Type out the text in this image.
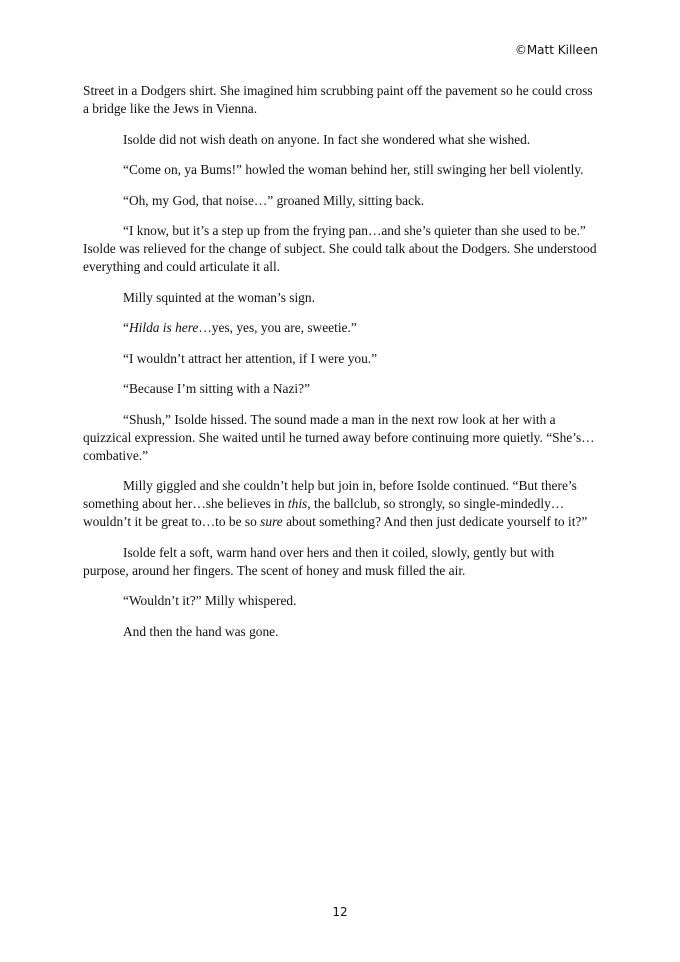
©Matt Killeen

Street in a Dodgers shirt. She imagined him scrubbing paint off the pavement so he could cross a bridge like the Jews in Vienna.

Isolde did not wish death on anyone. In fact she wondered what she wished.

“Come on, ya Bums!” howled the woman behind her, still swinging her bell violently.

“Oh, my God, that noise…” groaned Milly, sitting back.

“I know, but it’s a step up from the frying pan…and she’s quieter than she used to be.” Isolde was relieved for the change of subject. She could talk about the Dodgers. She understood everything and could articulate it all.

Milly squinted at the woman’s sign.

“Hilda is here…yes, yes, you are, sweetie.”

“I wouldn’t attract her attention, if I were you.”

“Because I’m sitting with a Nazi?”

“Shush,” Isolde hissed. The sound made a man in the next row look at her with a quizzical expression. She waited until he turned away before continuing more quietly. “She’s…combative.”

Milly giggled and she couldn’t help but join in, before Isolde continued. “But there’s something about her…she believes in this, the ballclub, so strongly, so single-mindedly…wouldn’t it be great to…to be so sure about something? And then just dedicate yourself to it?”

Isolde felt a soft, warm hand over hers and then it coiled, slowly, gently but with purpose, around her fingers. The scent of honey and musk filled the air.

“Wouldn’t it?” Milly whispered.

And then the hand was gone.

12
